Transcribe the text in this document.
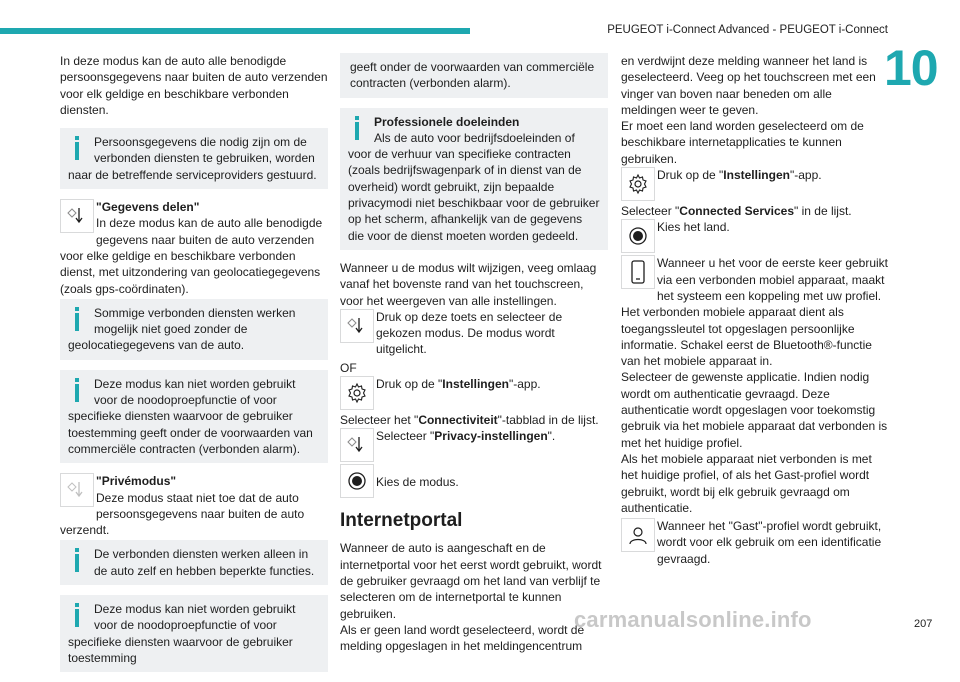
PEUGEOT i-Connect Advanced - PEUGEOT i-Connect
10

In deze modus kan de auto alle benodigde persoonsgegevens naar buiten de auto verzenden voor elk geldige en beschikbare verbonden diensten.

Persoonsgegevens die nodig zijn om de verbonden diensten te gebruiken, worden naar de betreffende serviceproviders gestuurd.
"Gegevens delen"
In deze modus kan de auto alle benodigde gegevens naar buiten de auto verzenden voor elke geldige en beschikbare verbonden dienst, met uitzondering van geolocatiegegevens (zoals gps-coördinaten).
Sommige verbonden diensten werken mogelijk niet goed zonder de geolocatiegegevens van de auto.
Deze modus kan niet worden gebruikt voor de noodoproepfunctie of voor specifieke diensten waarvoor de gebruiker toestemming geeft onder de voorwaarden van commerciële contracten (verbonden alarm).
"Privémodus"
Deze modus staat niet toe dat de auto persoonsgegevens naar buiten de auto verzendt.
De verbonden diensten werken alleen in de auto zelf en hebben beperkte functies.
Deze modus kan niet worden gebruikt voor de noodoproepfunctie of voor specifieke diensten waarvoor de gebruiker toestemming
geeft onder de voorwaarden van commerciële contracten (verbonden alarm).
Professionele doeleinden
Als de auto voor bedrijfsdoeleinden of voor de verhuur van specifieke contracten (zoals bedrijfswagenpark of in dienst van de overheid) wordt gebruikt, zijn bepaalde privacymodi niet beschikbaar voor de gebruiker op het scherm, afhankelijk van de gegevens die voor de dienst moeten worden gedeeld.

Wanneer u de modus wilt wijzigen, veeg omlaag vanaf het bovenste rand van het touchscreen, voor het weergeven van alle instellingen.

Druk op deze toets en selecteer de gekozen modus. De modus wordt uitgelicht.

OF

Druk op de "Instellingen"-app.

Selecteer het "Connectiviteit"-tabblad in de lijst.

Selecteer "Privacy-instellingen".
Kies de modus.
Internetportal

Wanneer de auto is aangeschaft en de internetportal voor het eerst wordt gebruikt, wordt de gebruiker gevraagd om het land van verblijf te selecteren om de internetportal te kunnen gebruiken.

Als er geen land wordt geselecteerd, wordt de melding opgeslagen in het meldingencentrum

en verdwijnt deze melding wanneer het land is geselecteerd. Veeg op het touchscreen met een vinger van boven naar beneden om alle meldingen weer te geven.

Er moet een land worden geselecteerd om de beschikbare internetapplicaties te kunnen gebruiken.

Druk op de "Instellingen"-app.

Selecteer "Connected Services" in de lijst.

Kies het land.
Wanneer u het voor de eerste keer gebruikt via een verbonden mobiel apparaat, maakt het systeem een koppeling met uw profiel. Het verbonden mobiele apparaat dient als toegangssleutel tot opgeslagen persoonlijke informatie. Schakel eerst de Bluetooth®-functie van het mobiele apparaat in.
Selecteer de gewenste applicatie. Indien nodig wordt om authenticatie gevraagd. Deze authenticatie wordt opgeslagen voor toekomstig gebruik via het mobiele apparaat dat verbonden is met het huidige profiel.
Als het mobiele apparaat niet verbonden is met het huidige profiel, of als het Gast-profiel wordt gebruikt, wordt bij elk gebruik gevraagd om authenticatie.
Wanneer het "Gast"-profiel wordt gebruikt, wordt voor elk gebruik om een identificatie gevraagd.
carmanualsonline.info	207
